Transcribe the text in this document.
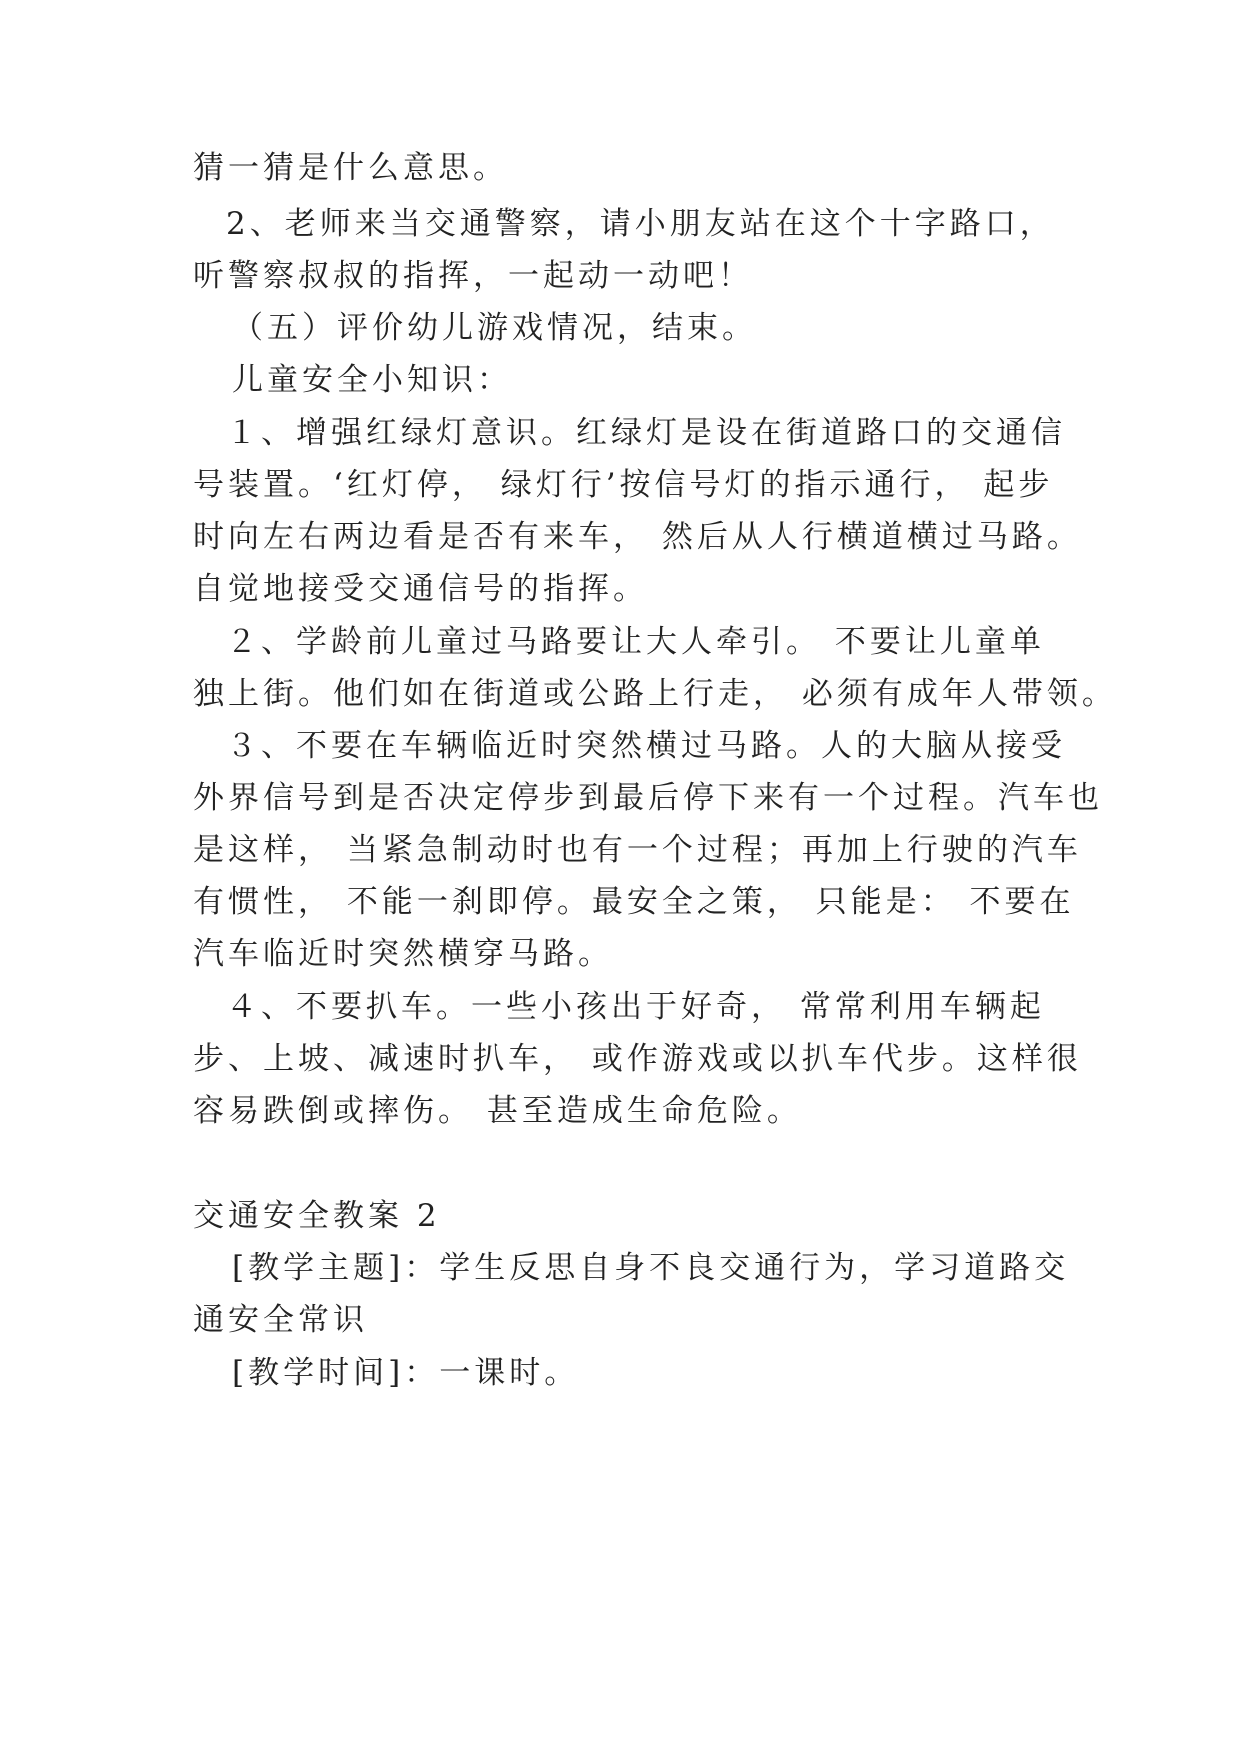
猜一猜是什么意思。
2、老师来当交通警察，请小朋友站在这个十字路口，
听警察叔叔的指挥，一起动一动吧！
（五）评价幼儿游戏情况，结束。
儿童安全小知识：
１、增强红绿灯意识。红绿灯是设在街道路口的交通信
号装置。‘红灯停， 绿灯行’按信号灯的指示通行， 起步
时向左右两边看是否有来车， 然后从人行横道横过马路。
自觉地接受交通信号的指挥。
２、学龄前儿童过马路要让大人牵引。 不要让儿童单
独上街。他们如在街道或公路上行走， 必须有成年人带领。
３、不要在车辆临近时突然横过马路。人的大脑从接受
外界信号到是否决定停步到最后停下来有一个过程。汽车也
是这样， 当紧急制动时也有一个过程；再加上行驶的汽车
有惯性， 不能一刹即停。最安全之策， 只能是： 不要在
汽车临近时突然横穿马路。
４、不要扒车。一些小孩出于好奇， 常常利用车辆起
步、上坡、减速时扒车， 或作游戏或以扒车代步。这样很
容易跌倒或摔伤。 甚至造成生命危险。
交通安全教案 2
[教学主题]：学生反思自身不良交通行为，学习道路交
通安全常识
[教学时间]：一课时。
